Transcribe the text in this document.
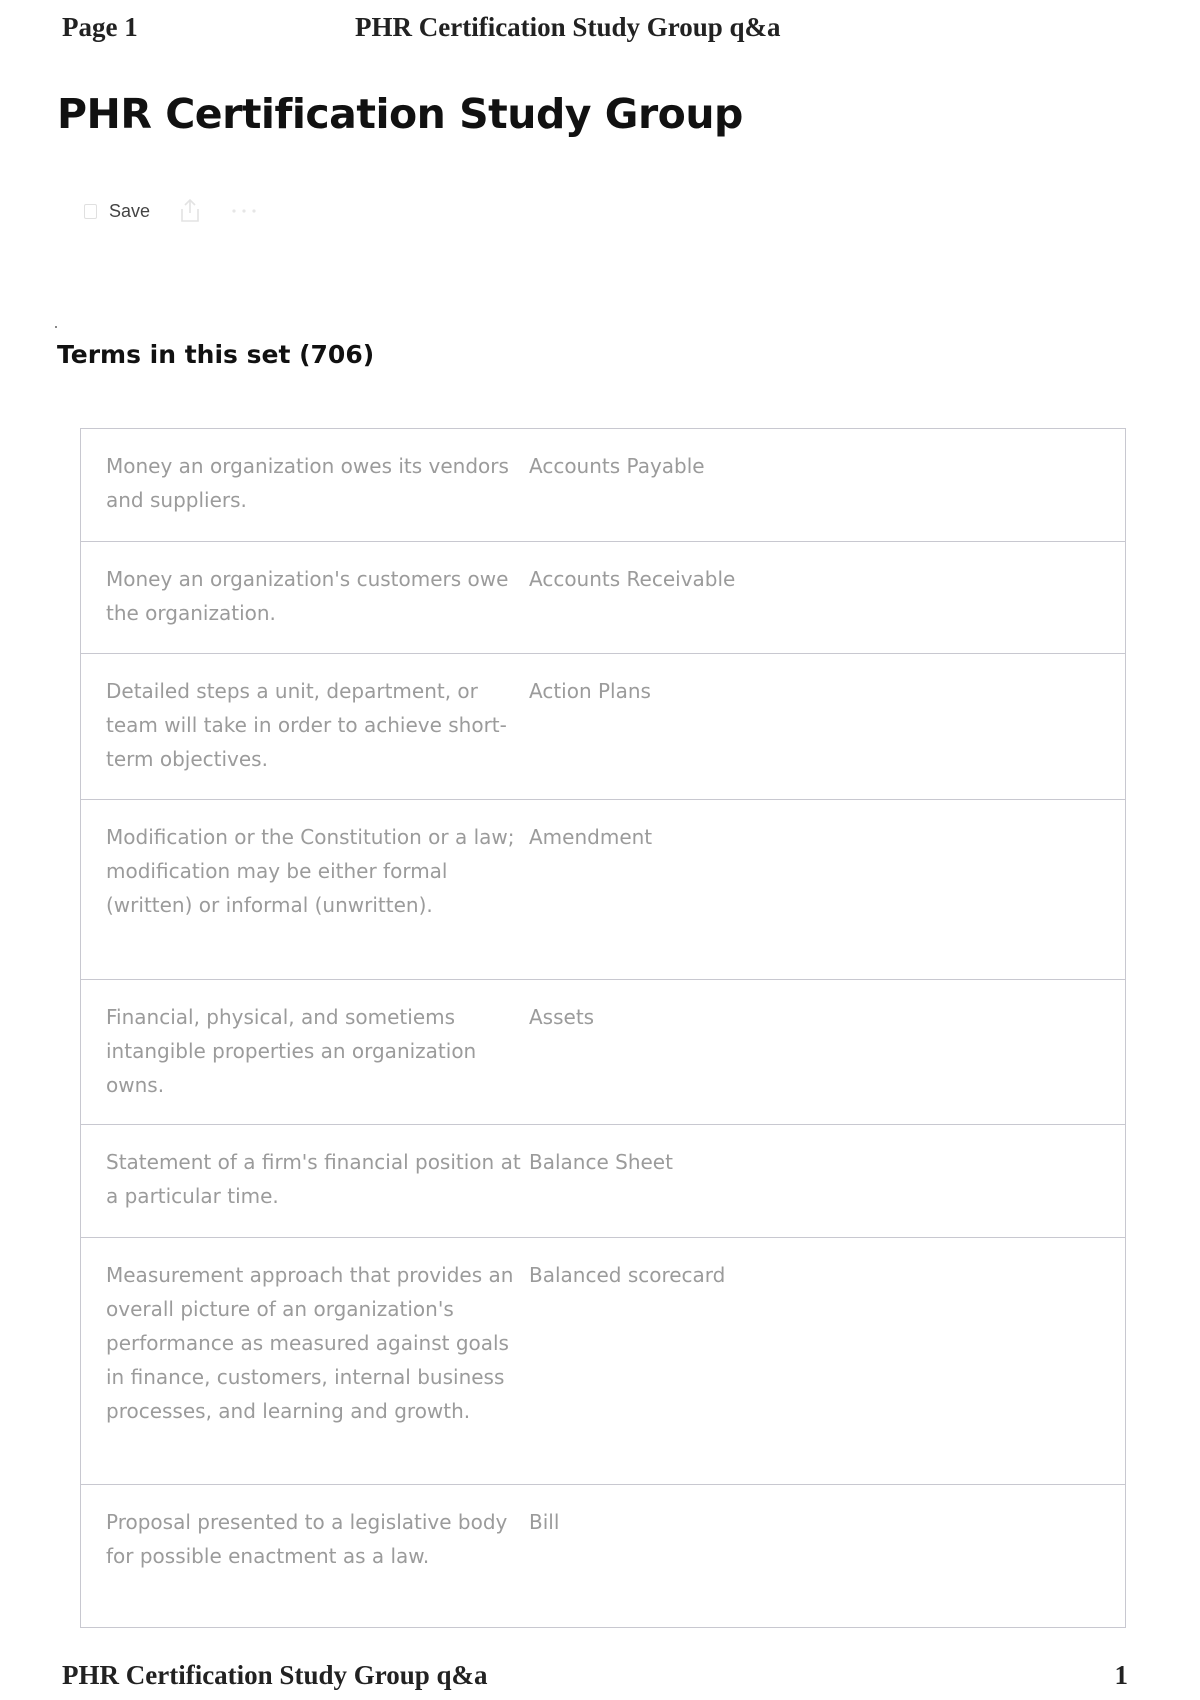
Page 1	PHR Certification Study Group q&a
PHR Certification Study Group
Save
Terms in this set (706)
Money an organization owes its vendors and suppliers.
Accounts Payable
Money an organization's customers owe the organization.
Accounts Receivable
Detailed steps a unit, department, or team will take in order to achieve short-term objectives.
Action Plans
Modification or the Constitution or a law; modification may be either formal (written) or informal (unwritten).
Amendment
Financial, physical, and sometiems intangible properties an organization owns.
Assets
Statement of a firm's financial position at a particular time.
Balance Sheet
Measurement approach that provides an overall picture of an organization's performance as measured against goals in finance, customers, internal business processes, and learning and growth.
Balanced scorecard
Proposal presented to a legislative body for possible enactment as a law.
Bill
PHR Certification Study Group q&a	1
